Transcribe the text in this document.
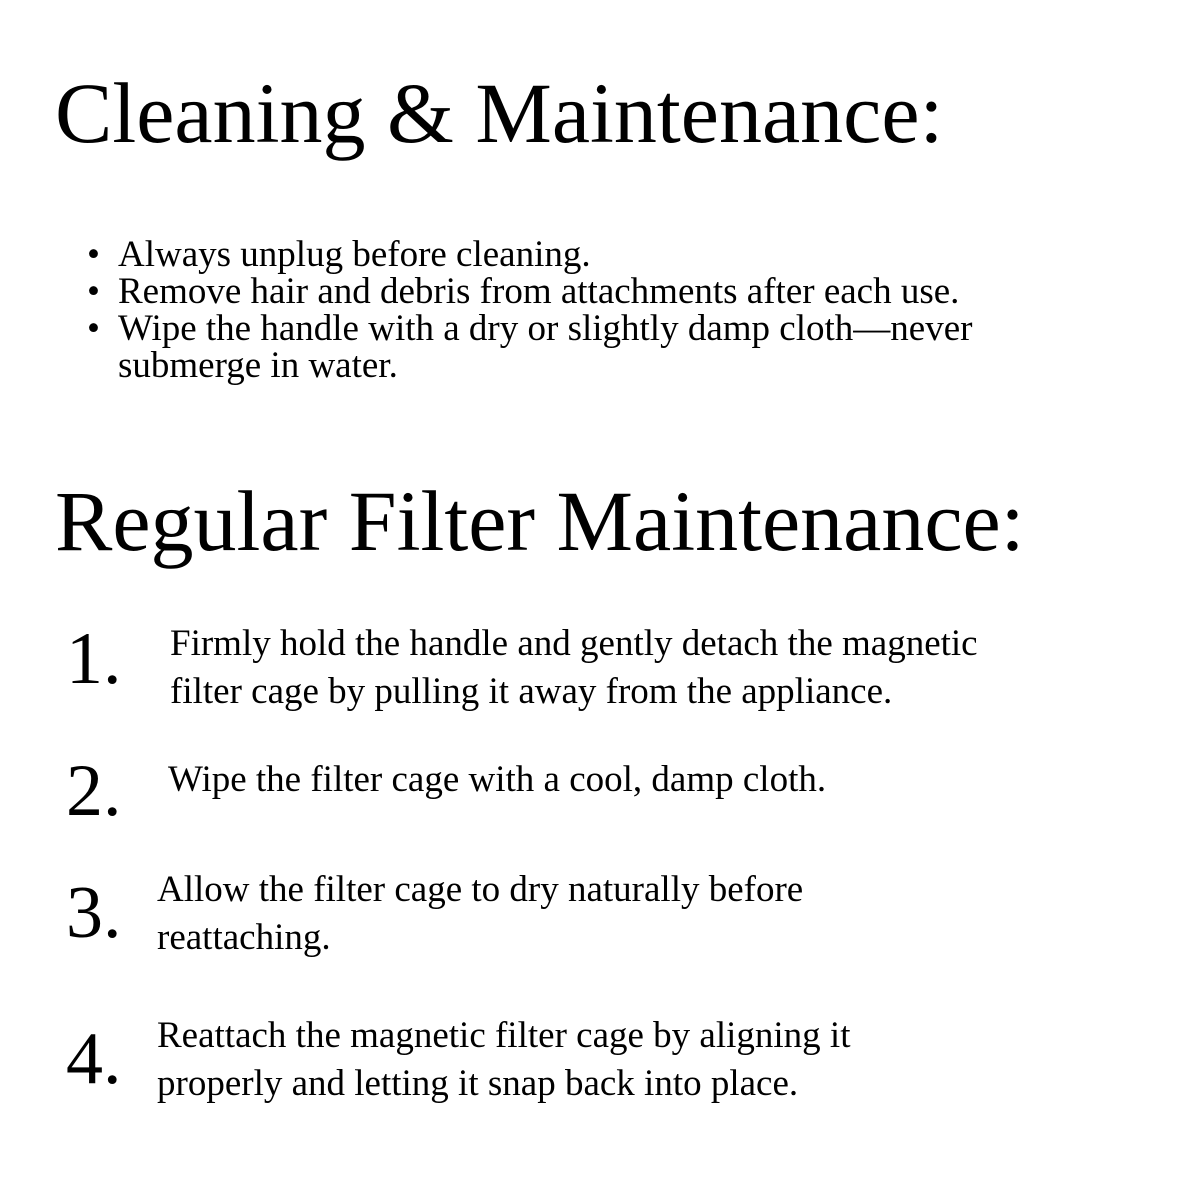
Cleaning & Maintenance:
• Always unplug before cleaning.
• Remove hair and debris from attachments after each use.
• Wipe the handle with a dry or slightly damp cloth—never submerge in water.
Regular Filter Maintenance:
1. Firmly hold the handle and gently detach the magnetic filter cage by pulling it away from the appliance.
2. Wipe the filter cage with a cool, damp cloth.
3. Allow the filter cage to dry naturally before reattaching.
4. Reattach the magnetic filter cage by aligning it properly and letting it snap back into place.
